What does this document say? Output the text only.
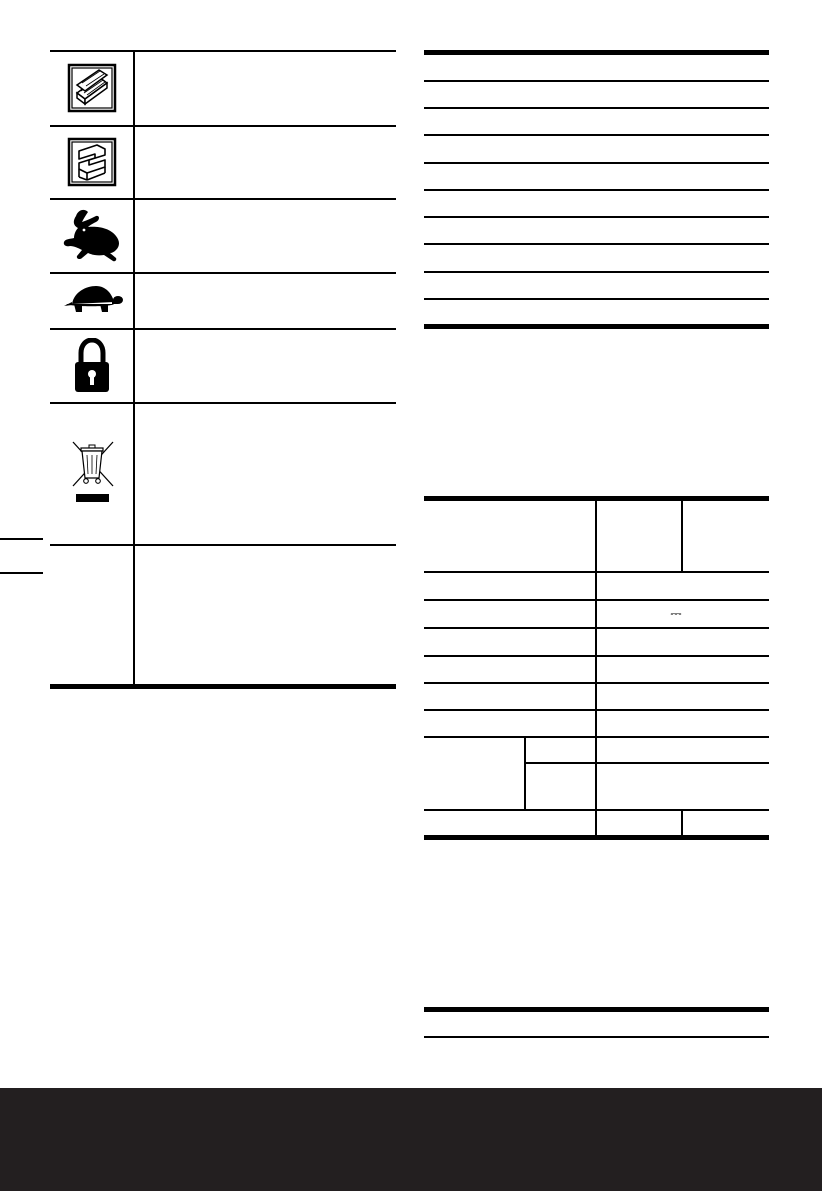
⎓
